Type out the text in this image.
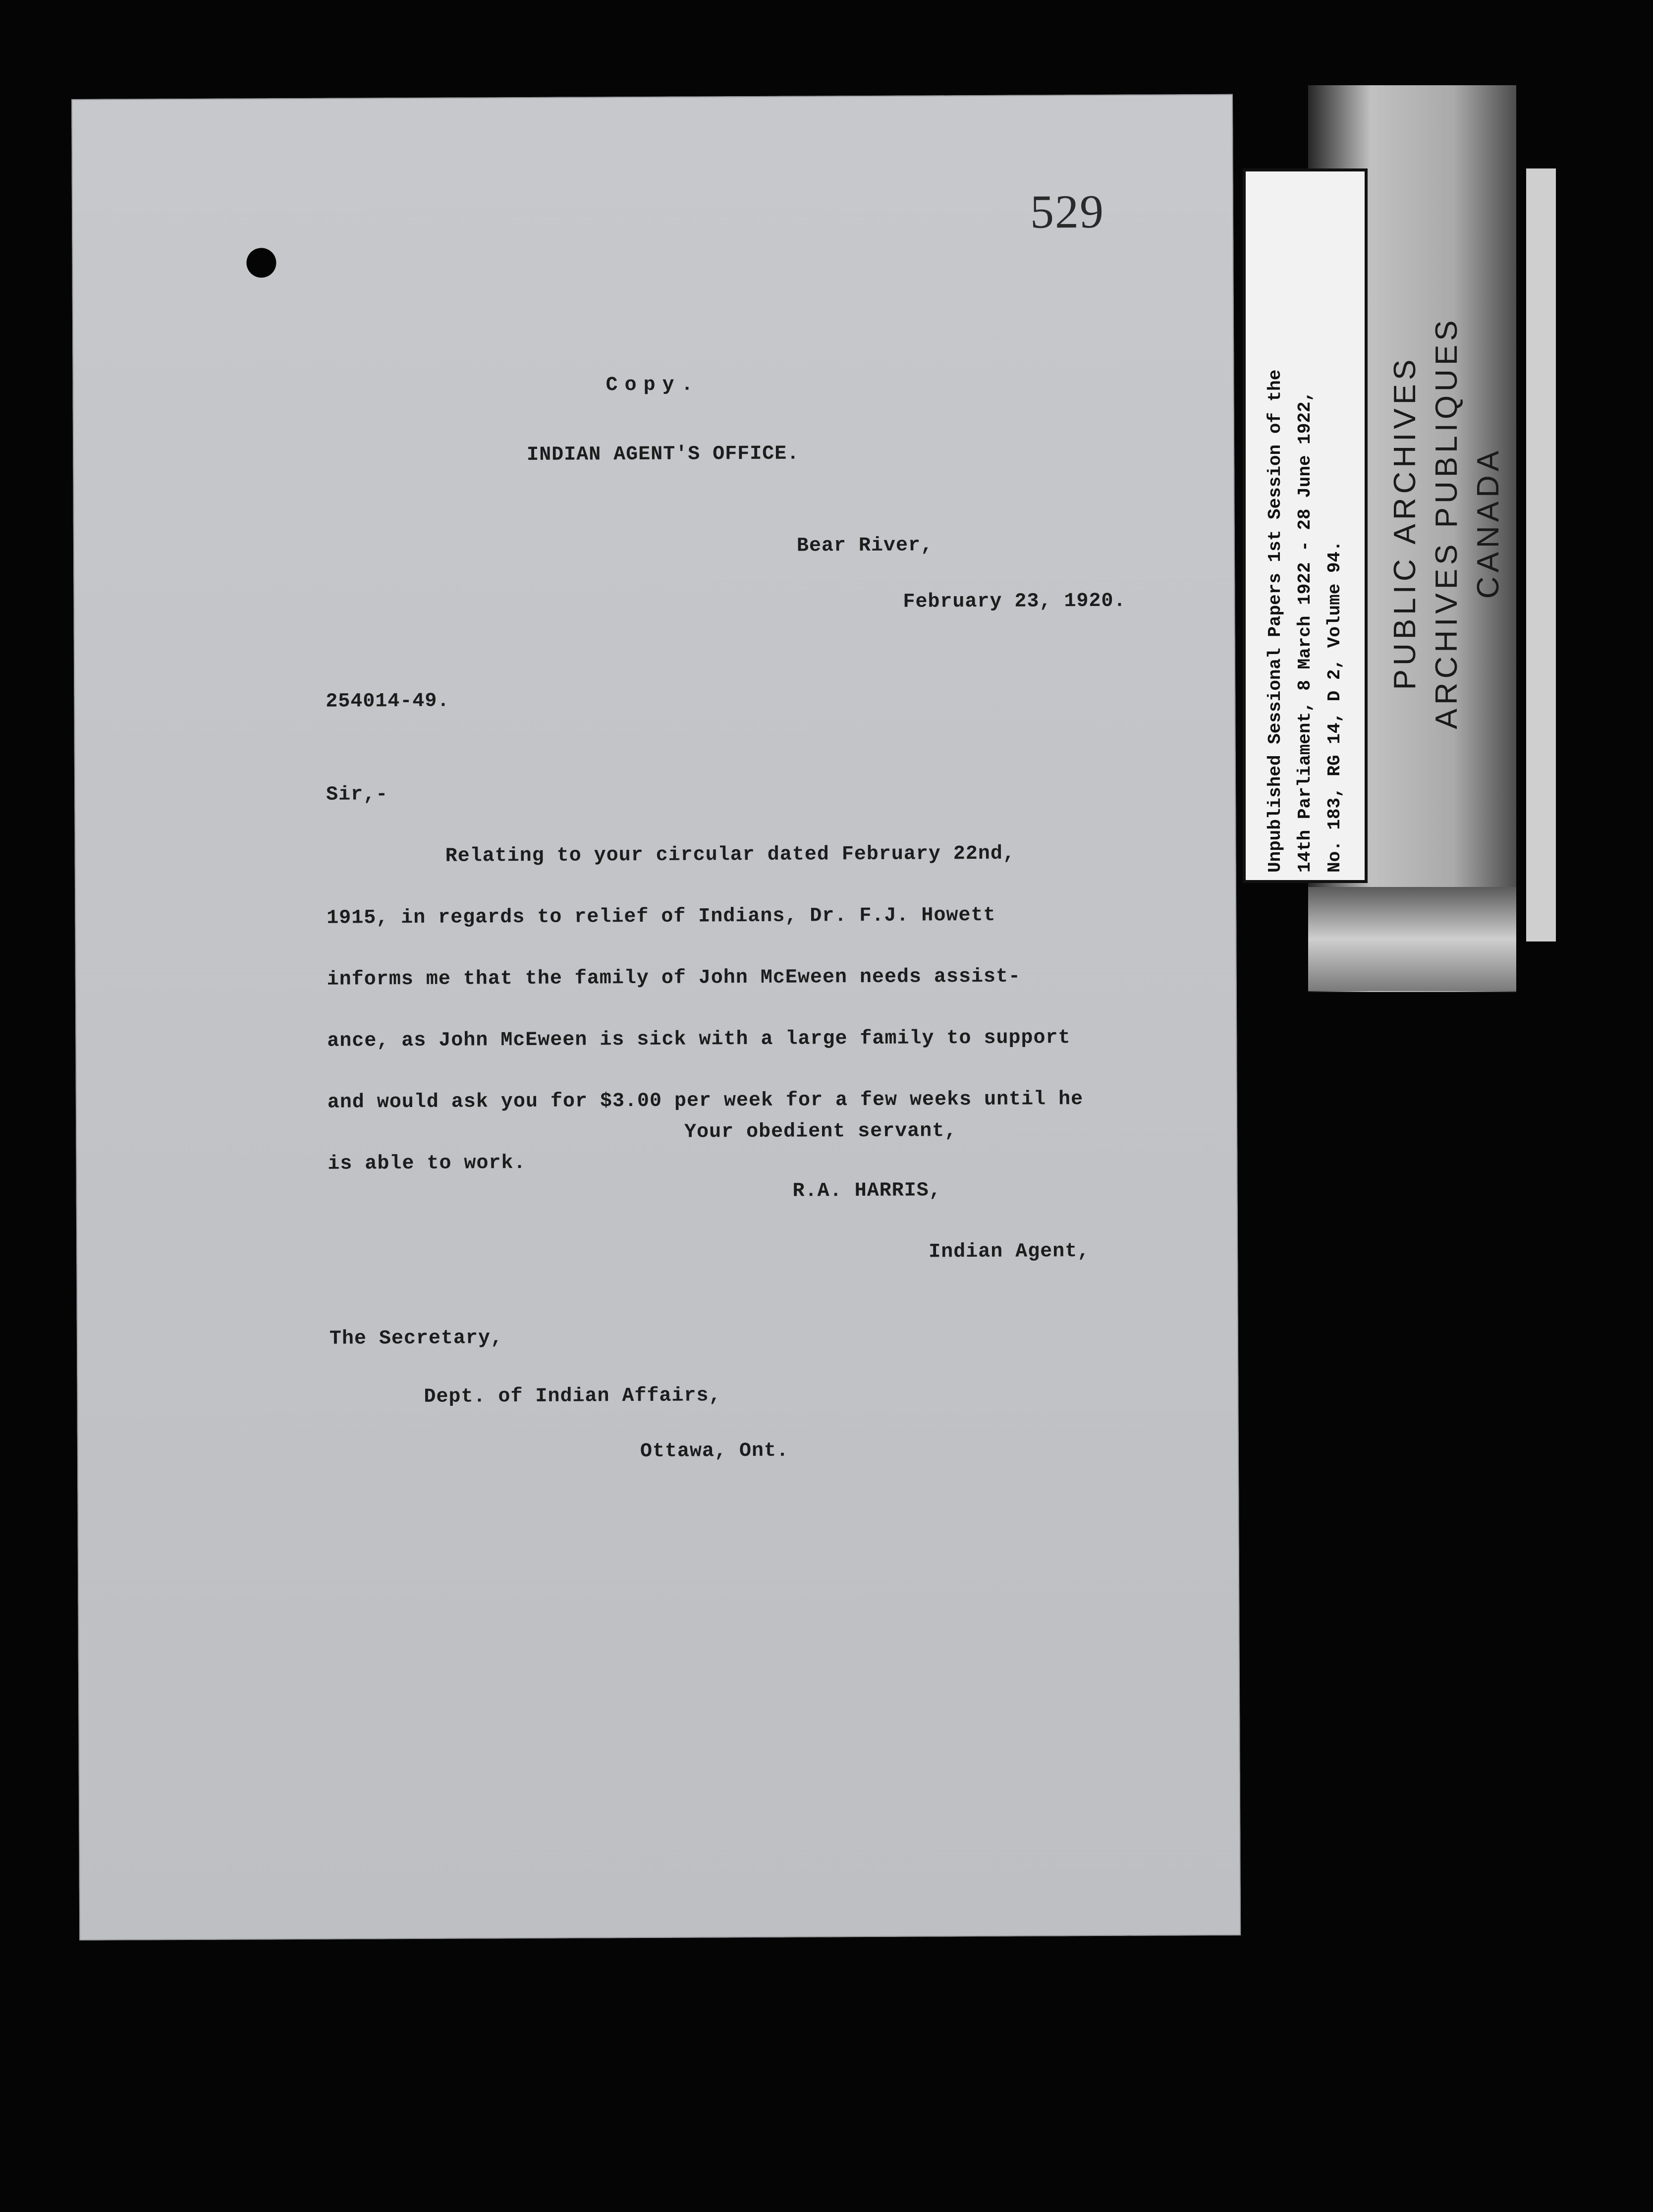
529
Copy.
INDIAN AGENT'S OFFICE.
Bear River,
February 23, 1920.
254014-49.
Sir,-
Relating to your circular dated February 22nd,
1915, in regards to relief of Indians, Dr. F.J. Howett
informs me that the family of John McEween needs assist-
ance, as John McEween is sick with a large family to support
and would ask you for $3.00 per week for a few weeks until he
is able to work.
Your obedient servant,
R.A. HARRIS,
Indian Agent,
The Secretary,
Dept. of Indian Affairs,
Ottawa, Ont.
Unpublished Sessional Papers 1st Session of the 14th Parliament, 8 March 1922 - 28 June 1922, No. 183, RG 14, D 2, Volume 94.
PUBLIC ARCHIVES ARCHIVES PUBLIQUES CANADA
